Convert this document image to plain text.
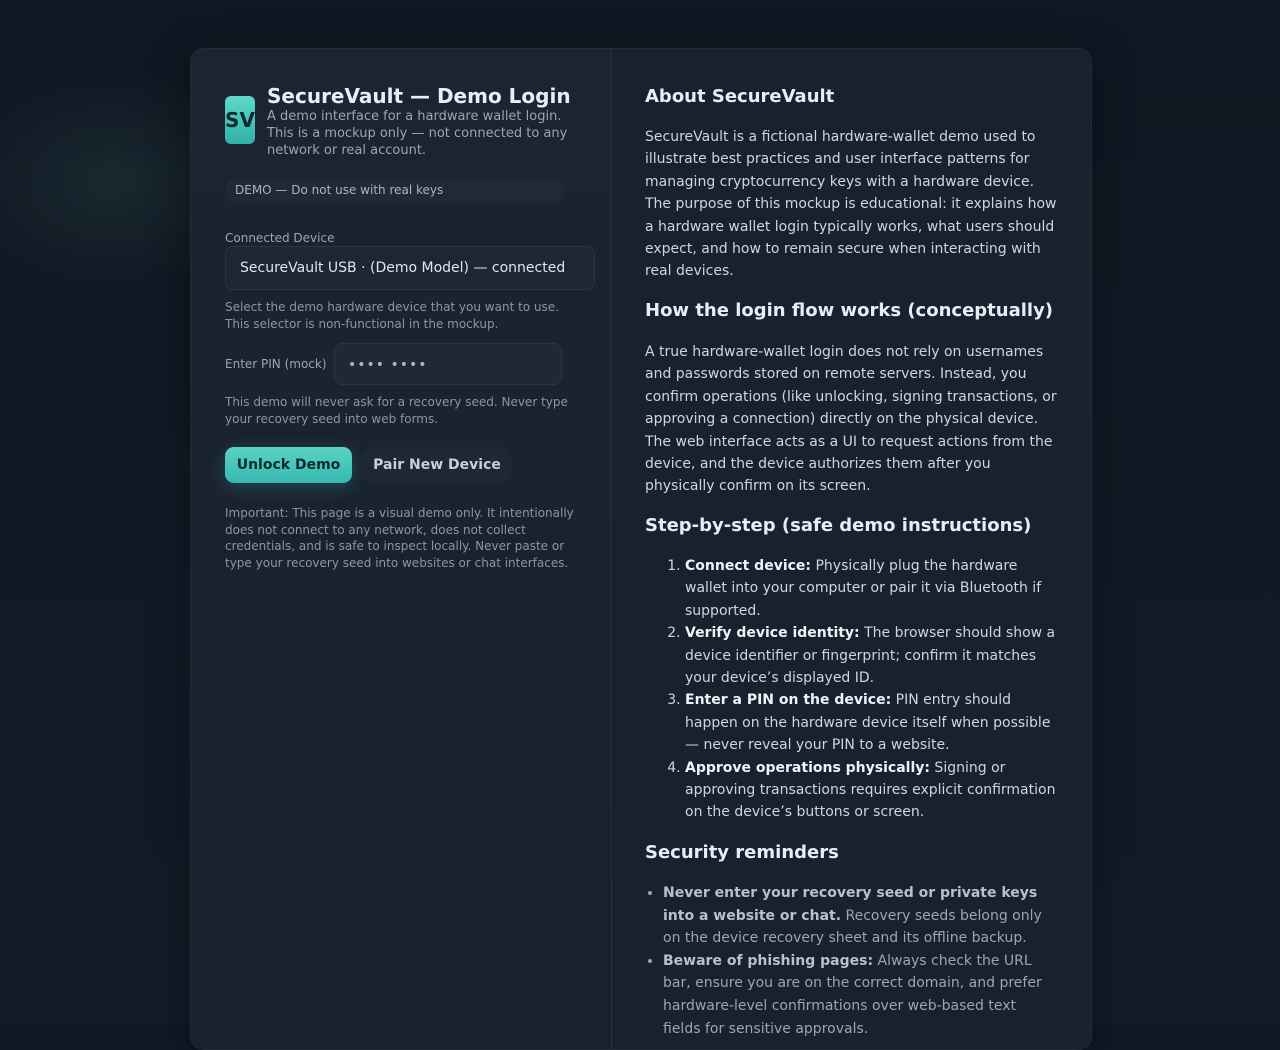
SV
SecureVault — Demo Login
A demo interface for a hardware wallet login. This is a mockup only — not connected to any network or real account.
DEMO — Do not use with real keys
Connected Device
SecureVault USB · (Demo Model) — connected
Select the demo hardware device that you want to use. This selector is non-functional in the mockup.
Enter PIN (mock)	•••• ••••
This demo will never ask for a recovery seed. Never type your recovery seed into web forms.
Unlock Demo	Pair New Device
Important: This page is a visual demo only. It intentionally does not connect to any network, does not collect credentials, and is safe to inspect locally. Never paste or type your recovery seed into websites or chat interfaces.
About SecureVault
SecureVault is a fictional hardware-wallet demo used to illustrate best practices and user interface patterns for managing cryptocurrency keys with a hardware device. The purpose of this mockup is educational: it explains how a hardware wallet login typically works, what users should expect, and how to remain secure when interacting with real devices.
How the login flow works (conceptually)
A true hardware-wallet login does not rely on usernames and passwords stored on remote servers. Instead, you confirm operations (like unlocking, signing transactions, or approving a connection) directly on the physical device. The web interface acts as a UI to request actions from the device, and the device authorizes them after you physically confirm on its screen.
Step-by-step (safe demo instructions)
1. Connect device: Physically plug the hardware wallet into your computer or pair it via Bluetooth if supported.
2. Verify device identity: The browser should show a device identifier or fingerprint; confirm it matches your device’s displayed ID.
3. Enter a PIN on the device: PIN entry should happen on the hardware device itself when possible — never reveal your PIN to a website.
4. Approve operations physically: Signing or approving transactions requires explicit confirmation on the device’s buttons or screen.
Security reminders
• Never enter your recovery seed or private keys into a website or chat. Recovery seeds belong only on the device recovery sheet and its offline backup.
• Beware of phishing pages: Always check the URL bar, ensure you are on the correct domain, and prefer hardware-level confirmations over web-based text fields for sensitive approvals.
